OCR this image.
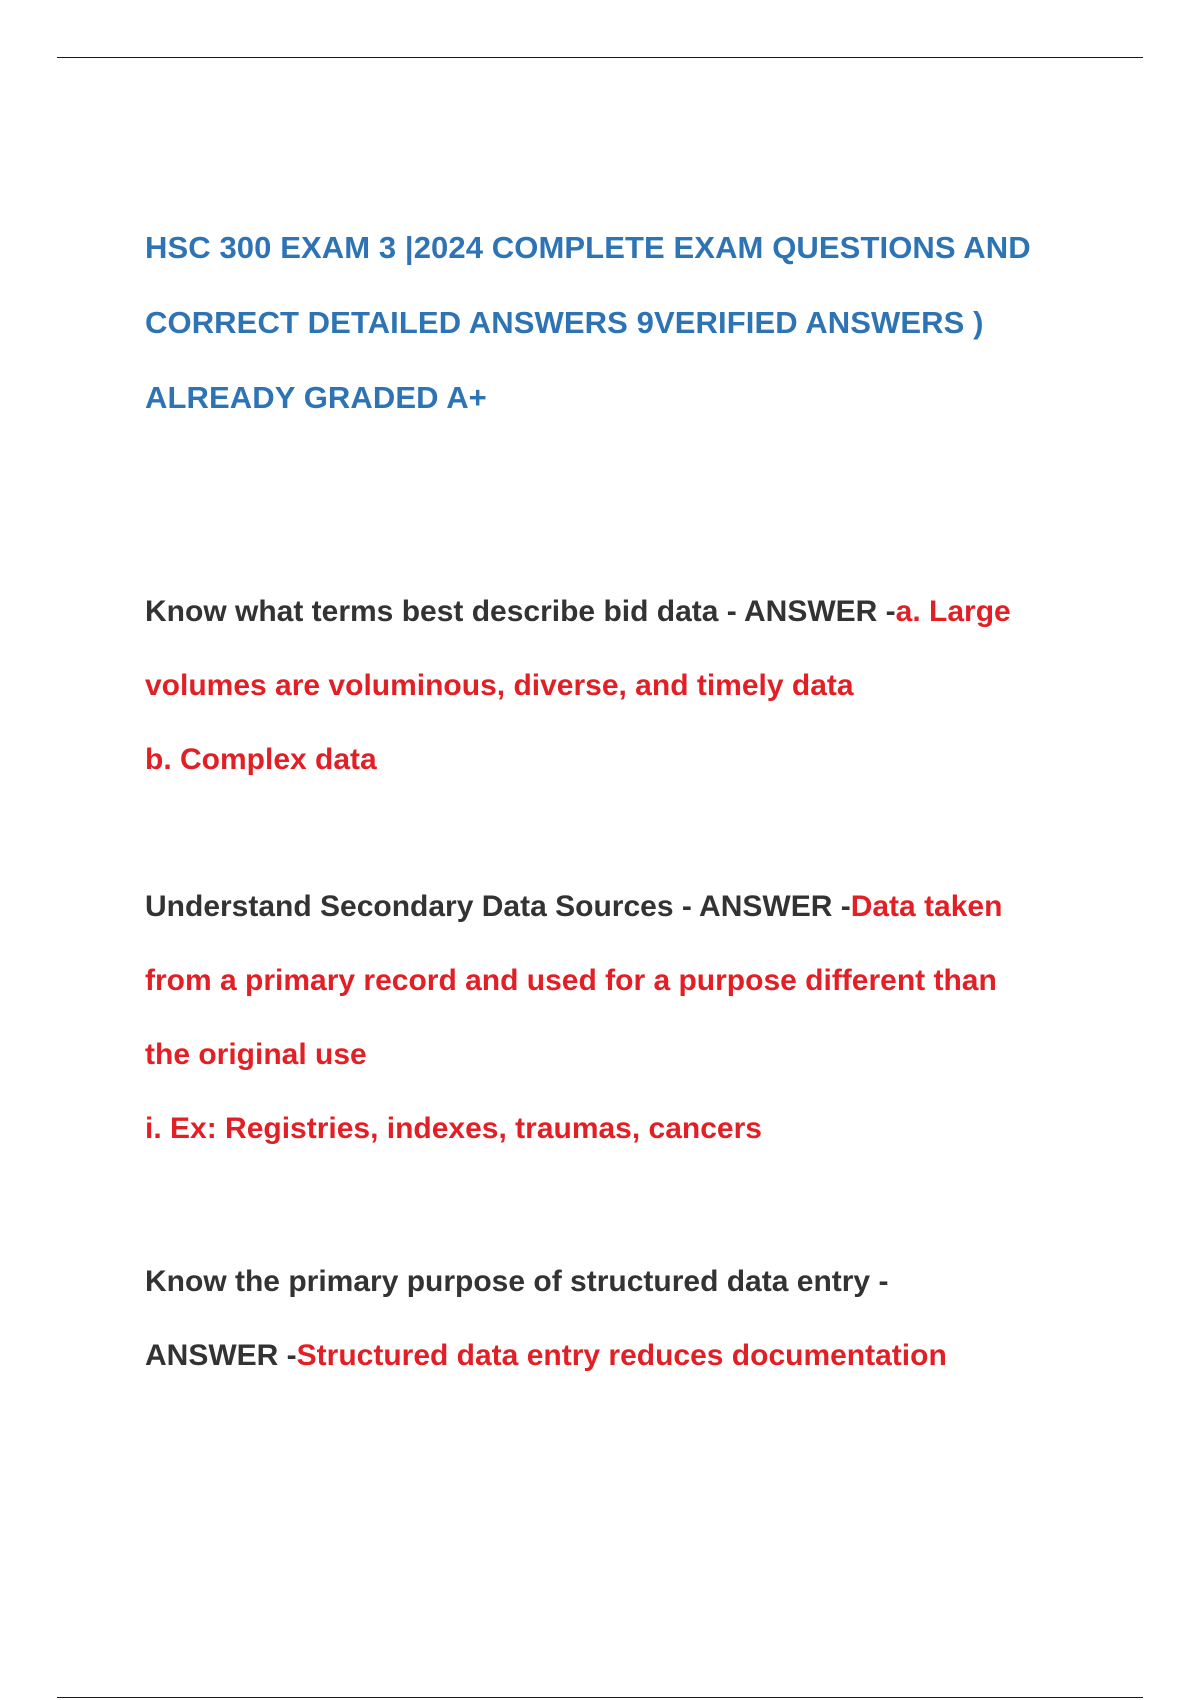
HSC 300 EXAM 3 |2024 COMPLETE EXAM QUESTIONS AND
CORRECT DETAILED ANSWERS 9VERIFIED ANSWERS )
ALREADY GRADED A+
Know what terms best describe bid data - ANSWER -a. Large
volumes are voluminous, diverse, and timely data
b. Complex data
Understand Secondary Data Sources - ANSWER -Data taken
from a primary record and used for a purpose different than
the original use
i. Ex: Registries, indexes, traumas, cancers
Know the primary purpose of structured data entry -
ANSWER -Structured data entry reduces documentation
